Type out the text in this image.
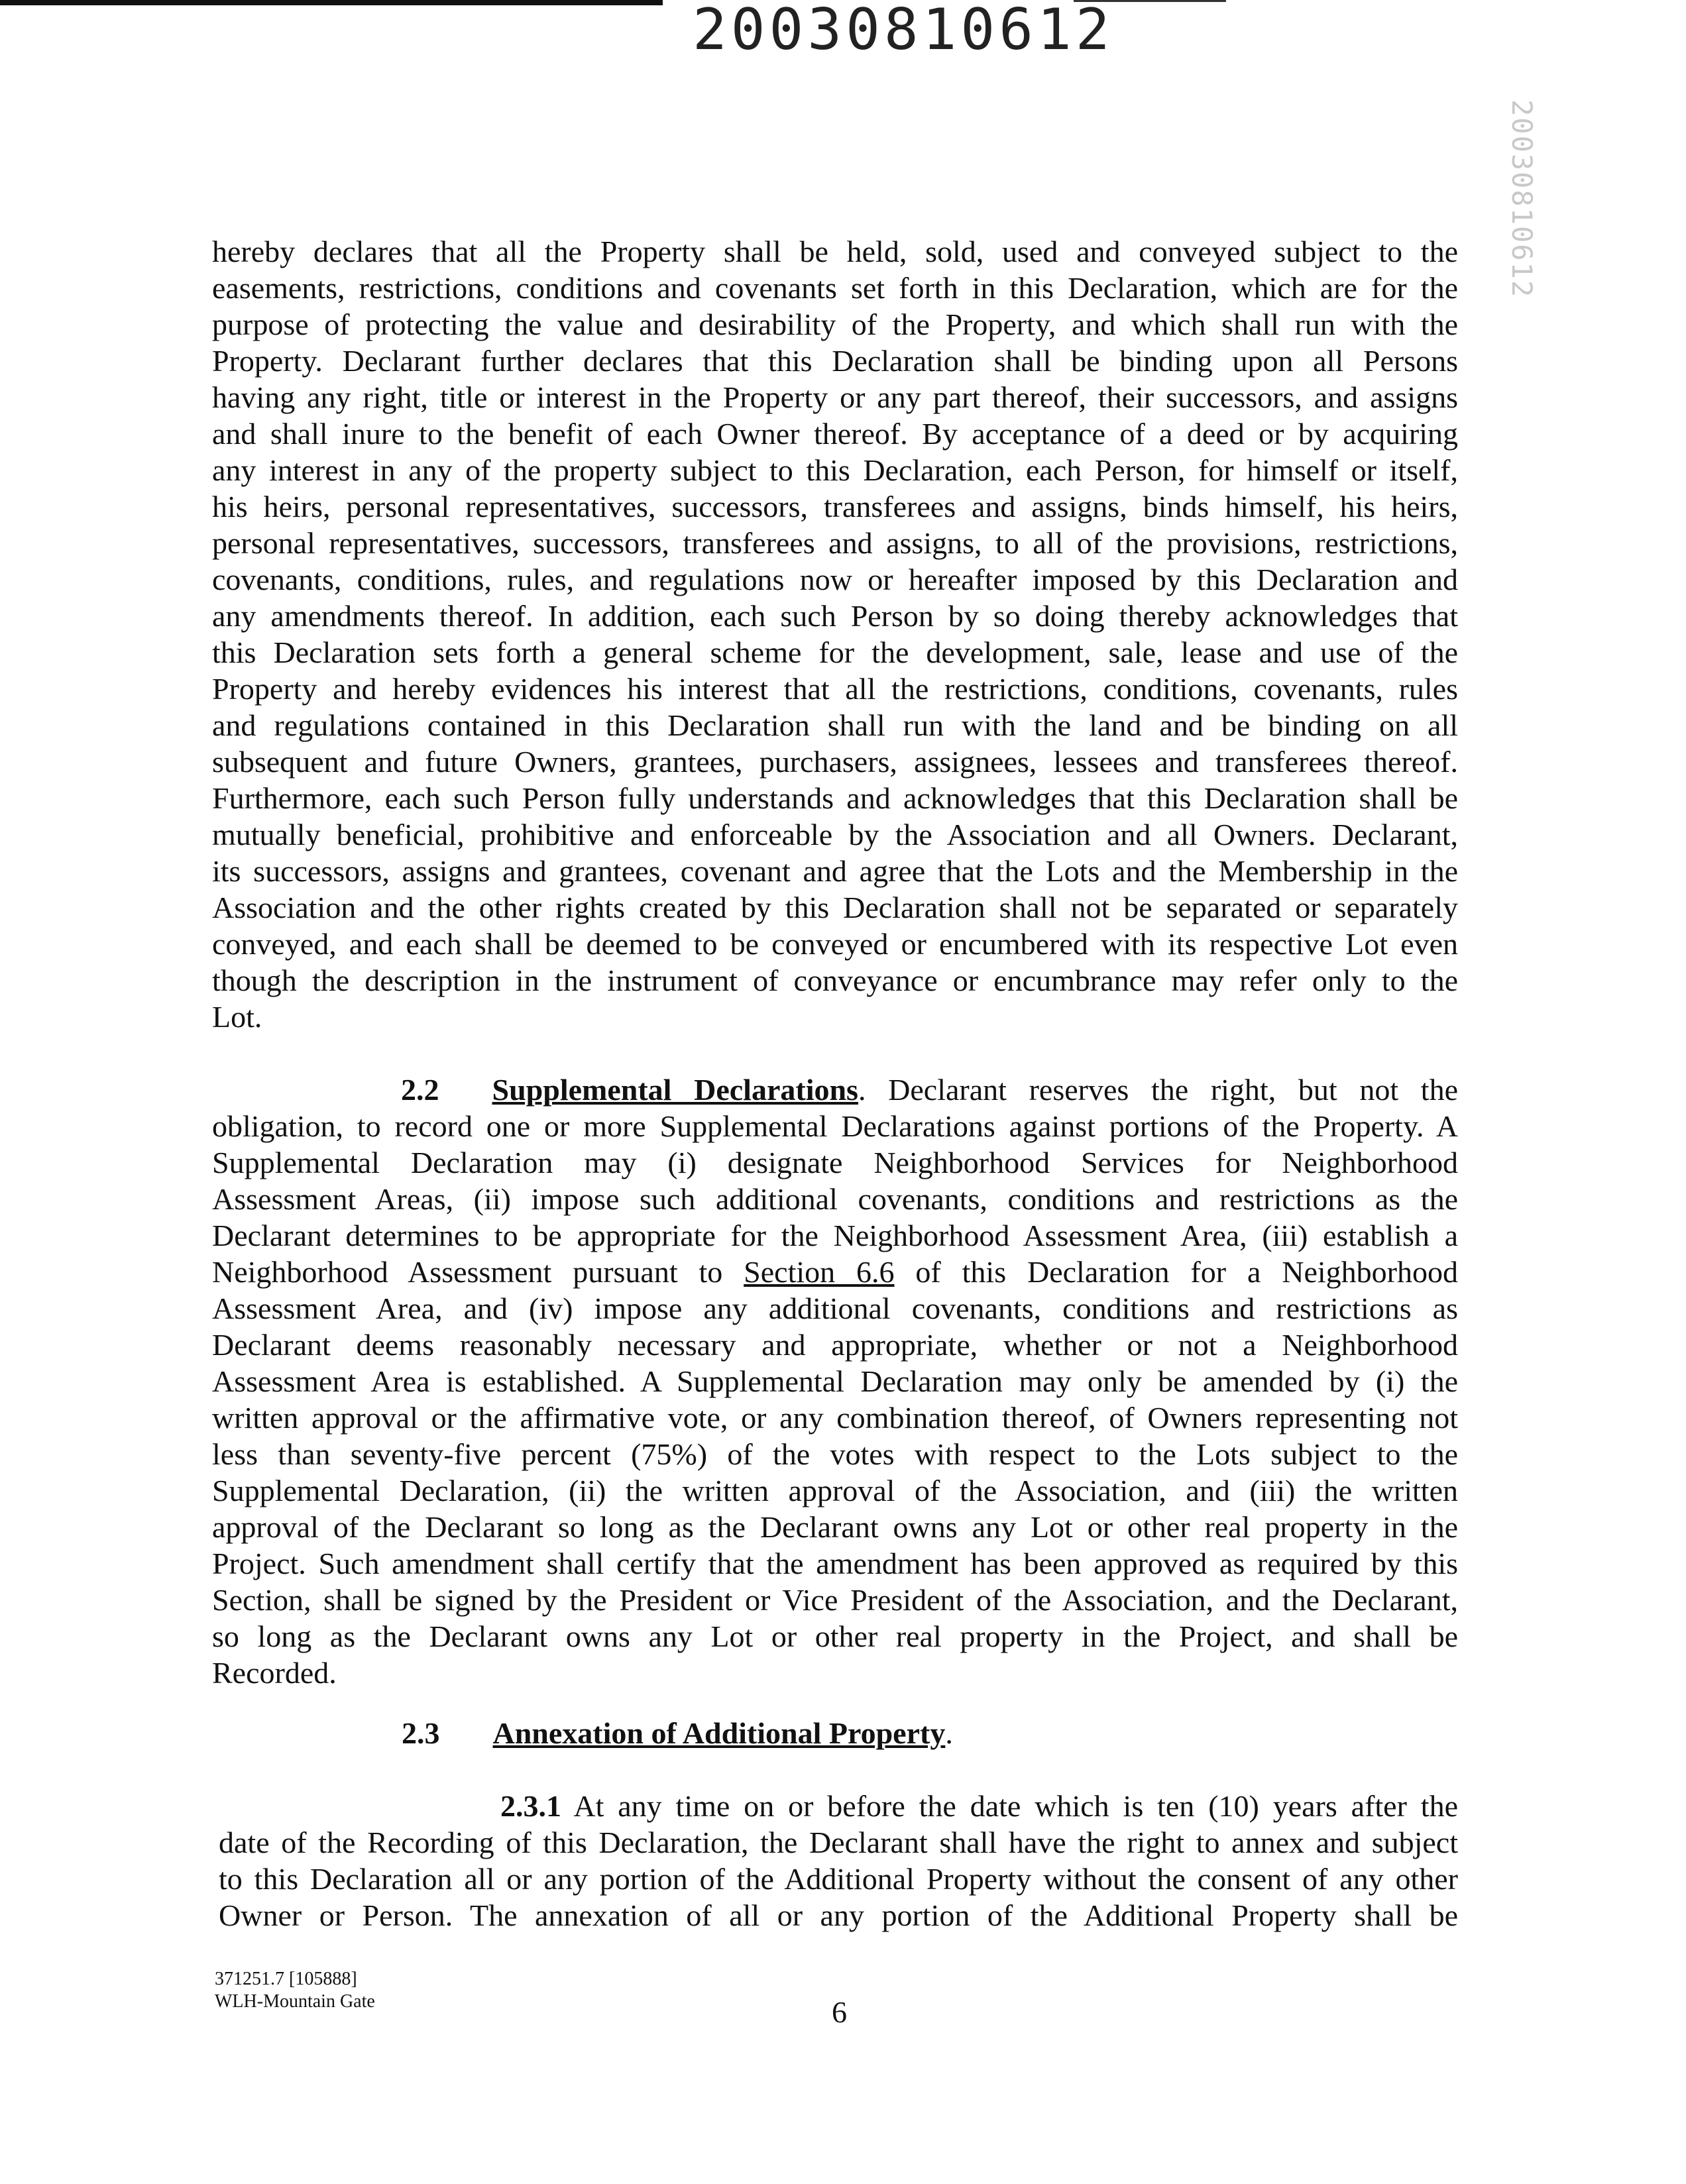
20030810612
20030810612
hereby declares that all the Property shall be held, sold, used and conveyed subject to the
easements, restrictions, conditions and covenants set forth in this Declaration, which are for the
purpose of protecting the value and desirability of the Property, and which shall run with the
Property. Declarant further declares that this Declaration shall be binding upon all Persons
having any right, title or interest in the Property or any part thereof, their successors, and assigns
and shall inure to the benefit of each Owner thereof. By acceptance of a deed or by acquiring
any interest in any of the property subject to this Declaration, each Person, for himself or itself,
his heirs, personal representatives, successors, transferees and assigns, binds himself, his heirs,
personal representatives, successors, transferees and assigns, to all of the provisions, restrictions,
covenants, conditions, rules, and regulations now or hereafter imposed by this Declaration and
any amendments thereof. In addition, each such Person by so doing thereby acknowledges that
this Declaration sets forth a general scheme for the development, sale, lease and use of the
Property and hereby evidences his interest that all the restrictions, conditions, covenants, rules
and regulations contained in this Declaration shall run with the land and be binding on all
subsequent and future Owners, grantees, purchasers, assignees, lessees and transferees thereof.
Furthermore, each such Person fully understands and acknowledges that this Declaration shall be
mutually beneficial, prohibitive and enforceable by the Association and all Owners. Declarant,
its successors, assigns and grantees, covenant and agree that the Lots and the Membership in the
Association and the other rights created by this Declaration shall not be separated or separately
conveyed, and each shall be deemed to be conveyed or encumbered with its respective Lot even
though the description in the instrument of conveyance or encumbrance may refer only to the
Lot.
2.2 Supplemental Declarations. Declarant reserves the right, but not the
obligation, to record one or more Supplemental Declarations against portions of the Property. A
Supplemental Declaration may (i) designate Neighborhood Services for Neighborhood
Assessment Areas, (ii) impose such additional covenants, conditions and restrictions as the
Declarant determines to be appropriate for the Neighborhood Assessment Area, (iii) establish a
Neighborhood Assessment pursuant to Section 6.6 of this Declaration for a Neighborhood
Assessment Area, and (iv) impose any additional covenants, conditions and restrictions as
Declarant deems reasonably necessary and appropriate, whether or not a Neighborhood
Assessment Area is established. A Supplemental Declaration may only be amended by (i) the
written approval or the affirmative vote, or any combination thereof, of Owners representing not
less than seventy-five percent (75%) of the votes with respect to the Lots subject to the
Supplemental Declaration, (ii) the written approval of the Association, and (iii) the written
approval of the Declarant so long as the Declarant owns any Lot or other real property in the
Project. Such amendment shall certify that the amendment has been approved as required by this
Section, shall be signed by the President or Vice President of the Association, and the Declarant,
so long as the Declarant owns any Lot or other real property in the Project, and shall be
Recorded.
2.3 Annexation of Additional Property.
2.3.1 At any time on or before the date which is ten (10) years after the
date of the Recording of this Declaration, the Declarant shall have the right to annex and subject
to this Declaration all or any portion of the Additional Property without the consent of any other
Owner or Person. The annexation of all or any portion of the Additional Property shall be
371251.7 [105888]
WLH-Mountain Gate	6
